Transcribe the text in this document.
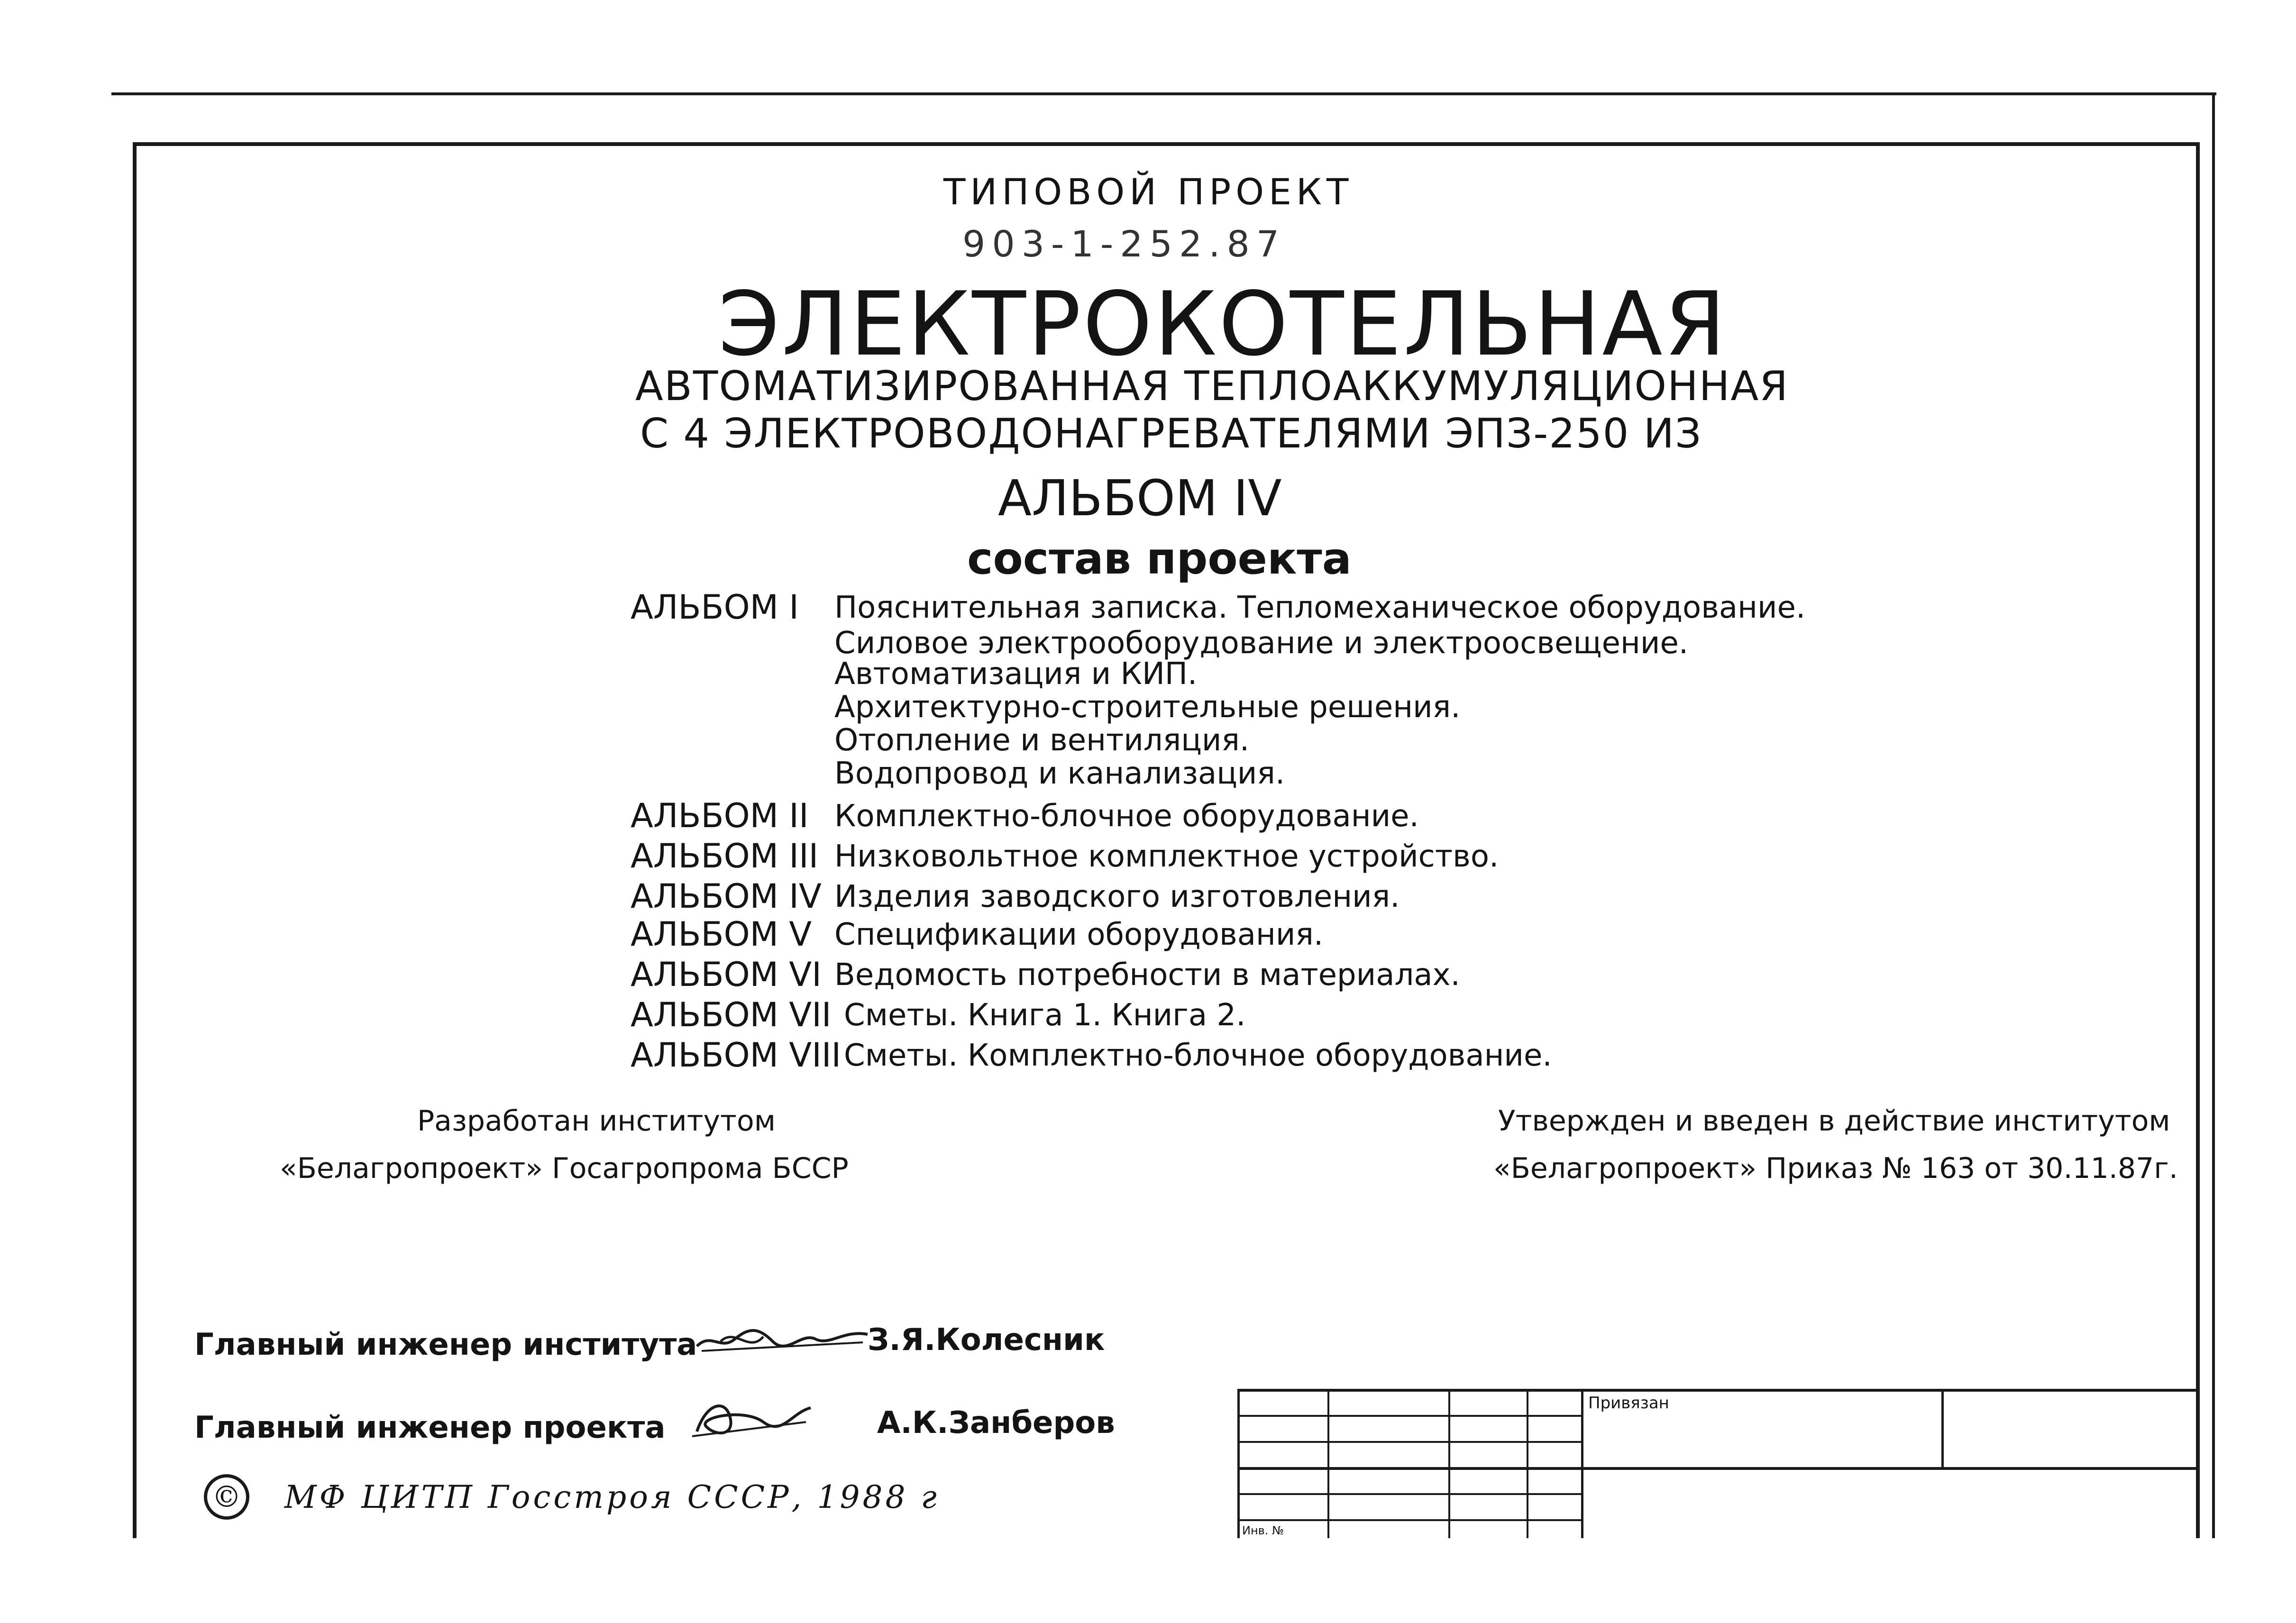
ТИПОВОЙ ПРОЕКТ
903-1-252.87
ЭЛЕКТРОКОТЕЛЬНАЯ
АВТОМАТИЗИРОВАННАЯ ТЕПЛОАККУМУЛЯЦИОННАЯ
С 4 ЭЛЕКТРОВОДОНАГРЕВАТЕЛЯМИ ЭПЗ-250 ИЗ
АЛЬБОМ IV
состав проекта
АЛЬБОМ I Пояснительная записка. Тепломеханическое оборудование.
Силовое электрооборудование и электроосвещение.
Автоматизация и КИП.
Архитектурно-строительные решения.
Отопление и вентиляция.
Водопровод и канализация.
АЛЬБОМ II Комплектно-блочное оборудование.
АЛЬБОМ III Низковольтное комплектное устройство.
АЛЬБОМ IV Изделия заводского изготовления.
АЛЬБОМ V Спецификации оборудования.
АЛЬБОМ VI Ведомость потребности в материалах.
АЛЬБОМ VII Сметы. Книга 1. Книга 2.
АЛЬБОМ VIII Сметы. Комплектно-блочное оборудование.
Разработан институтом
«Белагропроект» Госагропрома БССР
Утвержден и введен в действие институтом
«Белагропроект» Приказ № 163 от 30.11.87г.
Главный инженер института	З.Я.Колесник
Главный инженер проекта	А.К.Занберов
© МФ ЦИТП Госстроя СССР, 1988 г
Привязан
Инв. №
